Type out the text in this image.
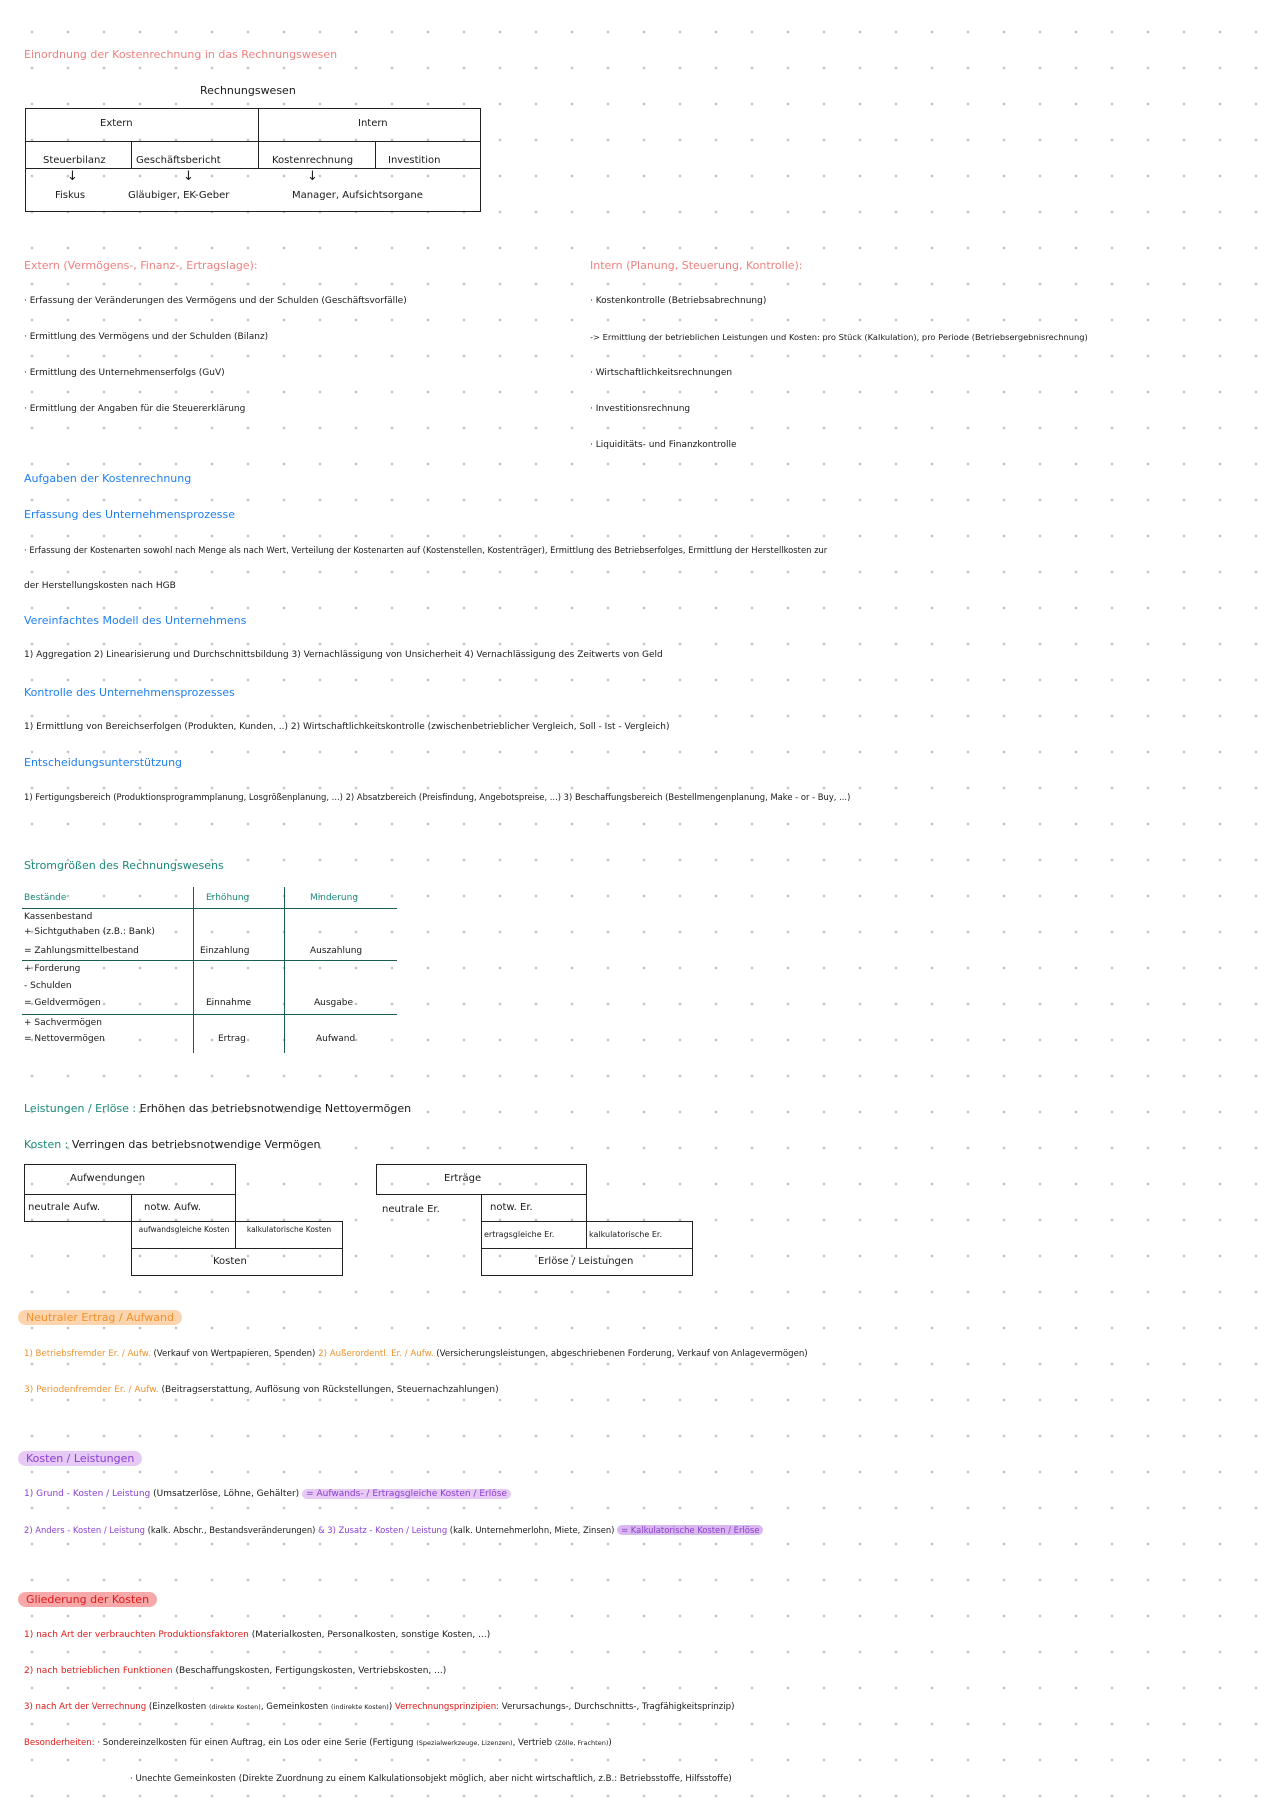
Einordnung der Kostenrechnung in das Rechnungswesen
Rechnungswesen
Extern	Intern
Steuerbilanz	Geschäftsbericht	Kostenrechnung	Investition
↓	↓	↓
Fiskus	Gläubiger, EK-Geber	Manager, Aufsichtsorgane
Extern (Vermögens-, Finanz-, Ertragslage):
· Erfassung der Veränderungen des Vermögens und der Schulden (Geschäftsvorfälle)
· Ermittlung des Vermögens und der Schulden (Bilanz)
· Ermittlung des Unternehmenserfolgs (GuV)
· Ermittlung der Angaben für die Steuererklärung
Intern (Planung, Steuerung, Kontrolle):
· Kostenkontrolle (Betriebsabrechnung)
-> Ermittlung der betrieblichen Leistungen und Kosten: pro Stück (Kalkulation), pro Periode (Betriebsergebnisrechnung)
· Wirtschaftlichkeitsrechnungen
· Investitionsrechnung
· Liquiditäts- und Finanzkontrolle
Aufgaben der Kostenrechnung
Erfassung des Unternehmensprozesse
· Erfassung der Kostenarten sowohl nach Menge als nach Wert, Verteilung der Kostenarten auf (Kostenstellen, Kostenträger), Ermittlung des Betriebserfolges, Ermittlung der Herstellkosten zur
der Herstellungskosten nach HGB
Vereinfachtes Modell des Unternehmens
1) Aggregation 2) Linearisierung und Durchschnittsbildung 3) Vernachlässigung von Unsicherheit 4) Vernachlässigung des Zeitwerts von Geld
Kontrolle des Unternehmensprozesses
1) Ermittlung von Bereichserfolgen (Produkten, Kunden, ..) 2) Wirtschaftlichkeitskontrolle (zwischenbetrieblicher Vergleich, Soll - Ist - Vergleich)
Entscheidungsunterstützung
1) Fertigungsbereich (Produktionsprogrammplanung, Losgrößenplanung, ...) 2) Absatzbereich (Preisfindung, Angebotspreise, ...) 3) Beschaffungsbereich (Bestellmengenplanung, Make - or - Buy, ...)
Stromgrößen des Rechnungswesens
Bestände	Erhöhung	Minderung
Kassenbestand
+ Sichtguthaben (z.B.: Bank)
= Zahlungsmittelbestand	Einzahlung	Auszahlung
+ Forderung
- Schulden
= Geldvermögen	Einnahme	Ausgabe
+ Sachvermögen
= Nettovermögen	Ertrag	Aufwand
Leistungen / Erlöse : Erhöhen das betriebsnotwendige Nettovermögen
Kosten : Verringen das betriebsnotwendige Vermögen
Aufwendungen
neutrale Aufw.	notw. Aufw.
aufwandsgleiche Kosten	kalkulatorische Kosten
Kosten
Erträge
neutrale Er.	notw. Er.
ertragsgleiche Er.	kalkulatorische Er.
Erlöse / Leistungen
Neutraler Ertrag / Aufwand
1) Betriebsfremder Er. / Aufw. (Verkauf von Wertpapieren, Spenden) 2) Außerordentl. Er. / Aufw. (Versicherungsleistungen, abgeschriebenen Forderung, Verkauf von Anlagevermögen)
3) Periodenfremder Er. / Aufw. (Beitragserstattung, Auflösung von Rückstellungen, Steuernachzahlungen)
Kosten / Leistungen
1) Grund - Kosten / Leistung (Umsatzerlöse, Löhne, Gehälter) = Aufwands- / Ertragsgleiche Kosten / Erlöse
2) Anders - Kosten / Leistung (kalk. Abschr., Bestandsveränderungen) & 3) Zusatz - Kosten / Leistung (kalk. Unternehmerlohn, Miete, Zinsen) = Kalkulatorische Kosten / Erlöse
Gliederung der Kosten
1) nach Art der verbrauchten Produktionsfaktoren (Materialkosten, Personalkosten, sonstige Kosten, ...)
2) nach betrieblichen Funktionen (Beschaffungskosten, Fertigungskosten, Vertriebskosten, ...)
3) nach Art der Verrechnung (Einzelkosten (direkte Kosten), Gemeinkosten (indirekte Kosten)) Verrechnungsprinzipien: Verursachungs-, Durchschnitts-, Tragfähigkeitsprinzip)
Besonderheiten: · Sondereinzelkosten für einen Auftrag, ein Los oder eine Serie (Fertigung (Spezialwerkzeuge, Lizenzen), Vertrieb (Zölle, Frachten))
· Unechte Gemeinkosten (Direkte Zuordnung zu einem Kalkulationsobjekt möglich, aber nicht wirtschaftlich, z.B.: Betriebsstoffe, Hilfsstoffe)
